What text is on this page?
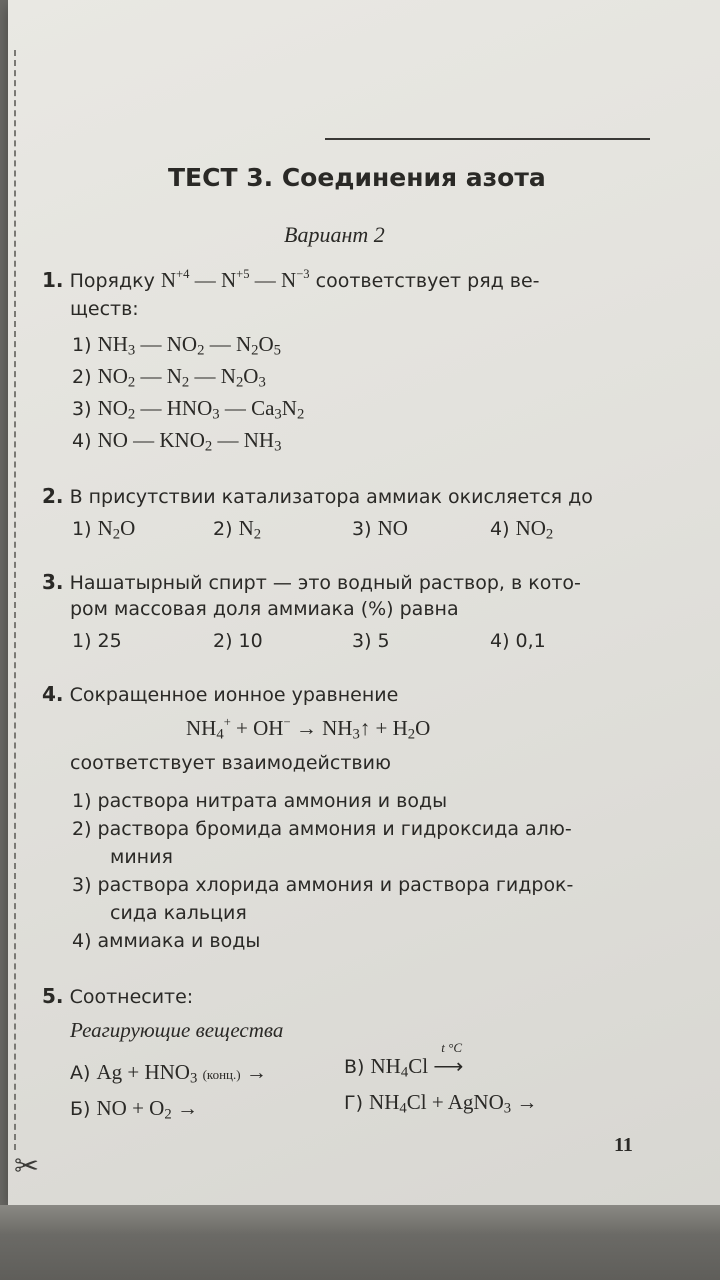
✂
ТЕСТ 3. Соединения азота
Вариант 2
1. Порядку $N^{+4}$ — $N^{+5}$ — $N^{-3}$ соответствует ряд ве-
ществ:
1) $NH_3$ — $NO_2$ — $N_2O_5$
2) $NO_2$ — $N_2$ — $N_2O_3$
3) $NO_2$ — $HNO_3$ — $Ca_3N_2$
4) NO — $KNO_2$ — $NH_3$
2. В присутствии катализатора аммиак окисляется до
1) $N_2O$	2) $N_2$	3) NO	4) $NO_2$
3. Нашатырный спирт — это водный раствор, в кото-
ром массовая доля аммиака (%) равна
1) 25	2) 10	3) 5	4) 0,1
4. Сокращенное ионное уравнение
$NH_4^+ + OH^-$ → $NH_3↑ + H_2O$
соответствует взаимодействию
1) раствора нитрата аммония и воды
2) раствора бромида аммония и гидроксида алю-
миния
3) раствора хлорида аммония и раствора гидрок-
сида кальция
4) аммиака и воды
5. Соотнесите:
Реагирующие вещества
А) $Ag + HNO_3$ (конц.) →
Б) NO + $O_2$ →
В) $NH_4Cl$
t °C
⟶
Г) $NH_4Cl$ + AgNO$_3$ →
11
